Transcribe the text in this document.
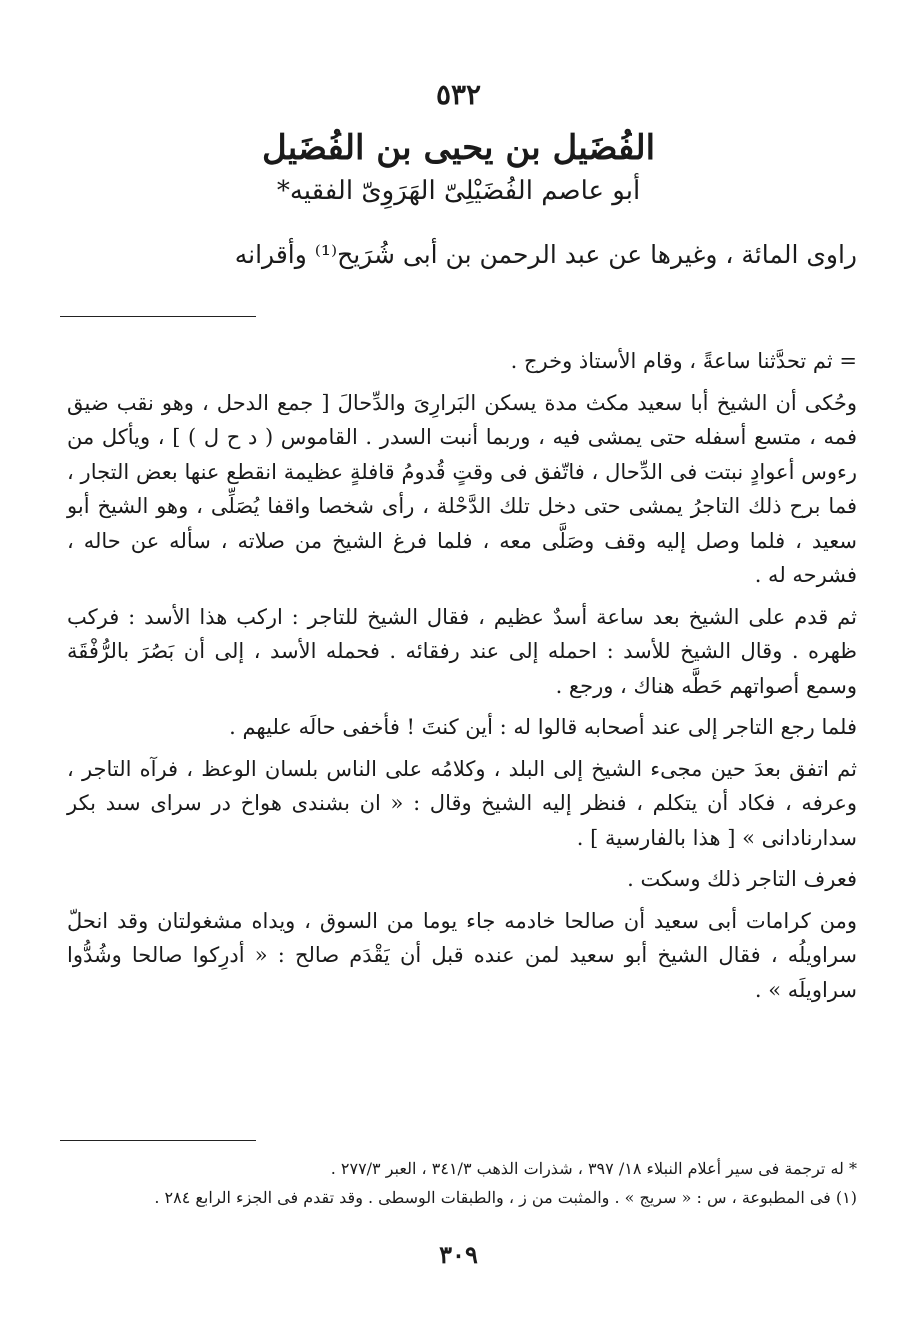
٥٣٢
الفُضَيل بن يحيى بن الفُضَيل
أبو عاصم الفُضَيْلِىّ الهَرَوِىّ الفقيه*
راوى المائة ، وغيرها عن عبد الرحمن بن أبى شُرَيح⁽¹⁾ وأقرانه

= ثم تحدَّثنا ساعةً ، وقام الأستاذ وخرج .

وحُكى أن الشيخ أبا سعيد مكث مدة يسكن البَرارِىَ والدِّحالَ [ جمع الدحل ، وهو نقب ضيق فمه ، متسع أسفله حتى يمشى فيه ، وربما أنبت السدر . القاموس ( د ح ل ) ] ، ويأكل من رءوس أعوادٍ نبتت فى الدِّحال ، فاتّفق فى وقتٍ قُدومُ قافلةٍ عظيمة انقطع عنها بعض التجار ، فما برح ذلك التاجرُ يمشى حتى دخل تلك الدَّحْلة ، رأى شخصا واقفا يُصَلِّى ، وهو الشيخ أبو سعيد ، فلما وصل إليه وقف وصَلَّى معه ، فلما فرغ الشيخ من صلاته ، سأله عن حاله ، فشرحه له .

ثم قدم على الشيخ بعد ساعة أسدٌ عظيم ، فقال الشيخ للتاجر : اركب هذا الأسد : فركب ظهره . وقال الشيخ للأسد : احمله إلى عند رفقائه . فحمله الأسد ، إلى أن بَصُرَ بالرُّفْقَة وسمع أصواتهم حَطَّه هناك ، ورجع .

فلما رجع التاجر إلى عند أصحابه قالوا له : أين كنتَ ! فأخفى حالَه عليهم .

ثم اتفق بعدَ حين مجىء الشيخ إلى البلد ، وكلامُه على الناس بلسان الوعظ ، فرآه التاجر ، وعرفه ، فكاد أن يتكلم ، فنظر إليه الشيخ وقال : « ان بشندى هواخ در سراى سىد بكر سدارنادانى » [ هذا بالفارسية ] .

فعرف التاجر ذلك وسكت .

ومن كرامات أبى سعيد أن صالحا خادمه جاء يوما من السوق ، ويداه مشغولتان وقد انحلّ سراويلُه ، فقال الشيخ أبو سعيد لمن عنده قبل أن يَقْدَم صالح : « أدرِكوا صالحا وشُدُّوا سراويلَه » .

* له ترجمة فى سير أعلام النبلاء ١٨/ ٣٩٧ ، شذرات الذهب ٣٤١/٣ ، العبر ٢٧٧/٣ .
(١) فى المطبوعة ، س : « سريج » . والمثبت من ز ، والطبقات الوسطى . وقد تقدم فى الجزء الرابع ٢٨٤ .
٣٠٩
